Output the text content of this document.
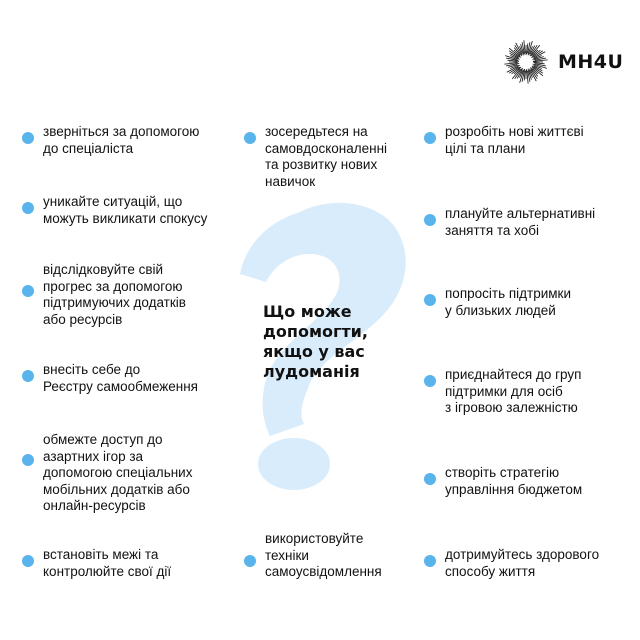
MH4U
зверніться за допомогою
до спеціаліста
уникайте ситуацій, що
можуть викликати спокусу
відслідковуйте свій
прогрес за допомогою
підтримуючих додатків
або ресурсів
внесіть себе до
Реєстру самообмеження
обмежте доступ до
азартних ігор за
допомогою спеціальних
мобільних додатків або
онлайн-ресурсів
встановіть межі та
контролюйте свої дії
зосередьтеся на
самовдосконаленні
та розвитку нових
навичок
використовуйте
техніки
самоусвідомлення
Що може
допомогти,
якщо у вас
лудоманія
розробіть нові життєві
цілі та плани
плануйте альтернативні
заняття та хобі
попросіть підтримки
у близьких людей
приєднайтеся до груп
підтримки для осіб
з ігровою залежністю
створіть стратегію
управління бюджетом
дотримуйтесь здорового
способу життя
